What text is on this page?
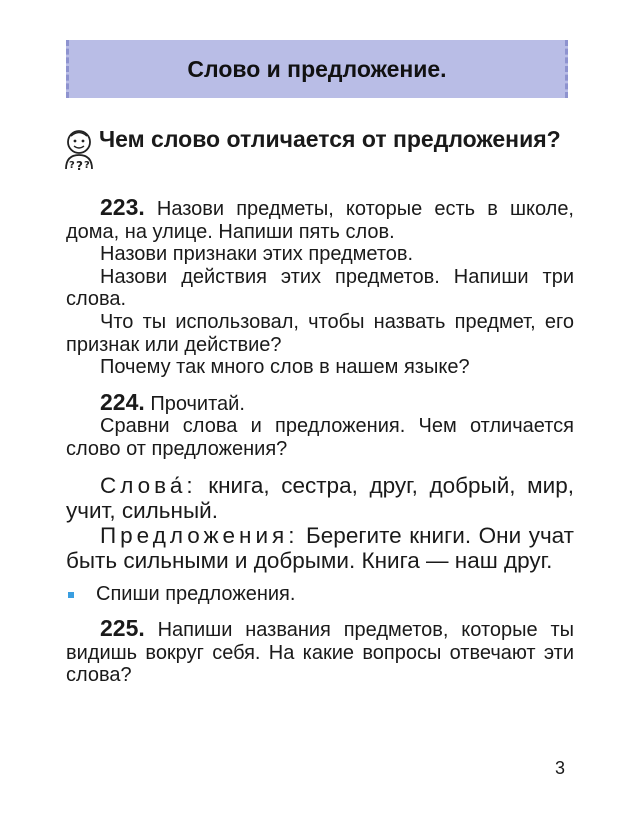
Слово и предложение.
? ? ?
Чем слово отличается от предложения?
223. Назови предметы, которые есть в школе, дома, на улице. Напиши пять слов.
Назови признаки этих предметов.
Назови действия этих предметов. Напиши три слова.
Что ты использовал, чтобы назвать предмет, его признак или действие?
Почему так много слов в нашем языке?
224. Прочитай.
Сравни слова и предложения. Чем отличается слово от предложения?
Слова́: книга, сестра, друг, добрый, мир, учит, сильный.
Предложения: Берегите книги. Они учат быть сильными и добрыми. Книга — наш друг.
Спиши предложения.
225. Напиши названия предметов, которые ты видишь вокруг себя. На какие вопросы отвечают эти слова?
3
